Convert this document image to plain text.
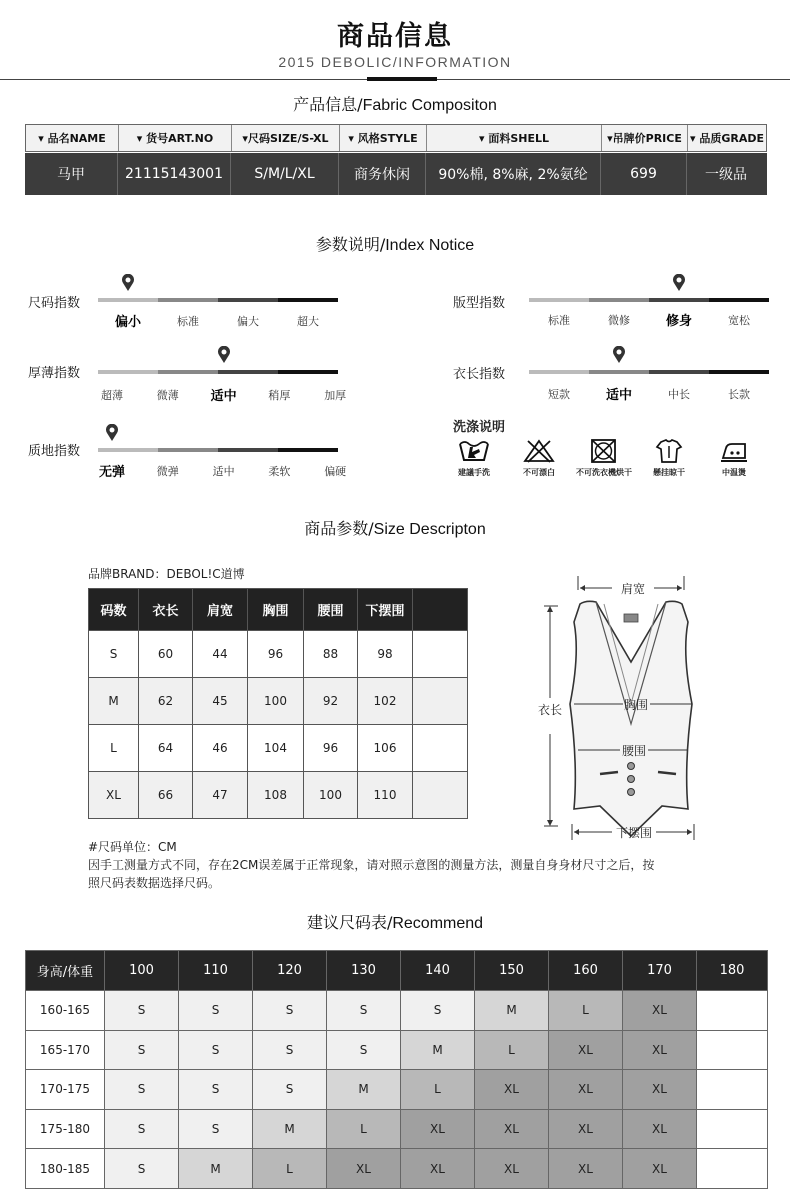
商品信息
2015 DEBOLIC/INFORMATION
产品信息/Fabric Compositon
▾ 品名NAME	▾ 货号ART.NO	▾尺码SIZE/S-XL	▾ 风格STYLE	▾ 面料SHELL	▾吊牌价PRICE ▾ 品质GRADE
马甲	21115143001	S/M/L/XL	商务休闲	90%棉, 8%麻, 2%氨纶	699	一级品
参数说明/Index Notice
尺码指数
偏小	标准	偏大	超大
厚薄指数
超薄	微薄 适中	稍厚	加厚
质地指数
无弹	微弹	适中	柔软	偏硬
版型指数
标准	微修	修身	宽松
衣长指数
短款	适中	中长	长款
洗涤说明
建議手洗	不可漂白	不可洗衣機烘干	懸挂晾干	中温燙
商品参数/Size Descripton
品牌BRAND：DEBOL!C道博
码数	衣长	肩宽	胸围	腰围	下摆围	
S	60	44	96	88	98	
M	62	45	100	92	102	
L	64	46	104	96	106	
XL	66	47	108	100	110	
#尺码单位：CM
因手工测量方式不同，存在2CM误差属于正常现象，请对照示意图的测量方法，测量自身身材尺寸之后，按
照尺码表数据选择尺码。
肩宽
衣长	胸围
腰围
下摆围
建议尺码表/Recommend
身高/体重	100	110	120	130	140	150	160	170	180
160-165	S	S	S	S	S	M	L	XL	
165-170	S	S	S	S	M	L	XL	XL	
170-175	S	S	S	M	L	XL	XL	XL	
175-180	S	S	M	L	XL	XL	XL	XL	
180-185	S	M	L	XL	XL	XL	XL	XL	
